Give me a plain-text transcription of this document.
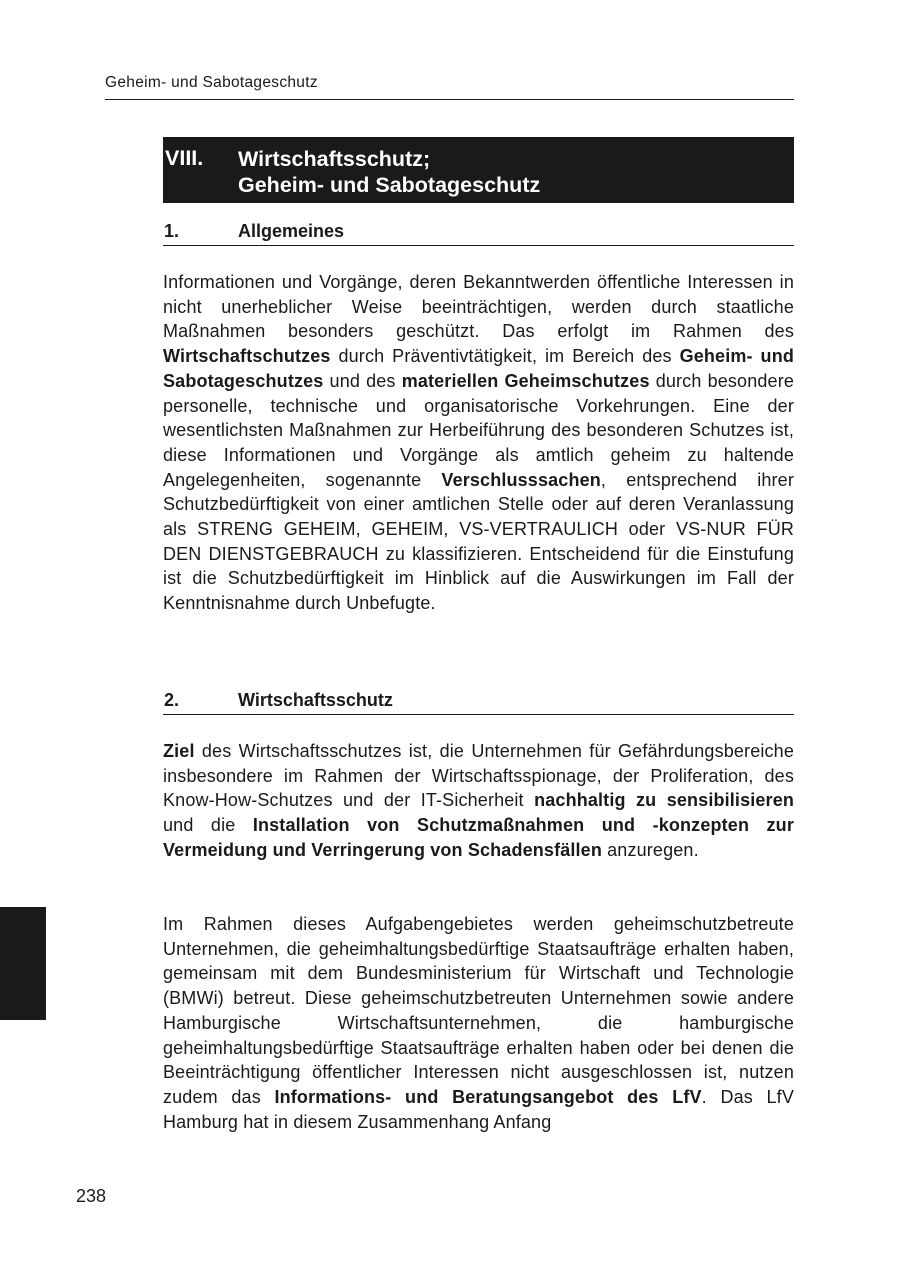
Geheim- und Sabotageschutz
VIII. Wirtschaftsschutz;
Geheim- und Sabotageschutz
1.	Allgemeines

Informationen und Vorgänge, deren Bekanntwerden öffentliche Interessen in nicht unerheblicher Weise beeinträchtigen, werden durch staatliche Maßnahmen besonders geschützt. Das erfolgt im Rahmen des Wirtschaftschutzes durch Präventivtätigkeit, im Bereich des Geheim- und Sabotageschutzes und des materiellen Geheimschutzes durch besondere personelle, technische und organisatorische Vorkehrungen. Eine der wesentlichsten Maßnahmen zur Herbeiführung des besonderen Schutzes ist, diese Informationen und Vorgänge als amtlich geheim zu haltende Angelegenheiten, sogenannte Verschlusssachen, entsprechend ihrer Schutzbedürftigkeit von einer amtlichen Stelle oder auf deren Veranlassung als STRENG GEHEIM, GEHEIM, VS-VERTRAULICH oder VS-NUR FÜR DEN DIENSTGEBRAUCH zu klassifizieren. Entscheidend für die Einstufung ist die Schutzbedürftigkeit im Hinblick auf die Auswirkungen im Fall der Kenntnisnahme durch Unbefugte.

2.	Wirtschaftsschutz

Ziel des Wirtschaftsschutzes ist, die Unternehmen für Gefährdungsbereiche insbesondere im Rahmen der Wirtschaftsspionage, der Proliferation, des Know-How-Schutzes und der IT-Sicherheit nachhaltig zu sensibilisieren und die Installation von Schutzmaßnahmen und -konzepten zur Vermeidung und Verringerung von Schadensfällen anzuregen.

Im Rahmen dieses Aufgabengebietes werden geheimschutzbetreute Unternehmen, die geheimhaltungsbedürftige Staatsaufträge erhalten haben, gemeinsam mit dem Bundesministerium für Wirtschaft und Technologie (BMWi) betreut. Diese geheimschutzbetreuten Unternehmen sowie andere Hamburgische Wirtschaftsunternehmen, die hamburgische geheimhaltungsbedürftige Staatsaufträge erhalten haben oder bei denen die Beeinträchtigung öffentlicher Interessen nicht ausgeschlossen ist, nutzen zudem das Informations- und Beratungsangebot des LfV. Das LfV Hamburg hat in diesem Zusammenhang Anfang

238
